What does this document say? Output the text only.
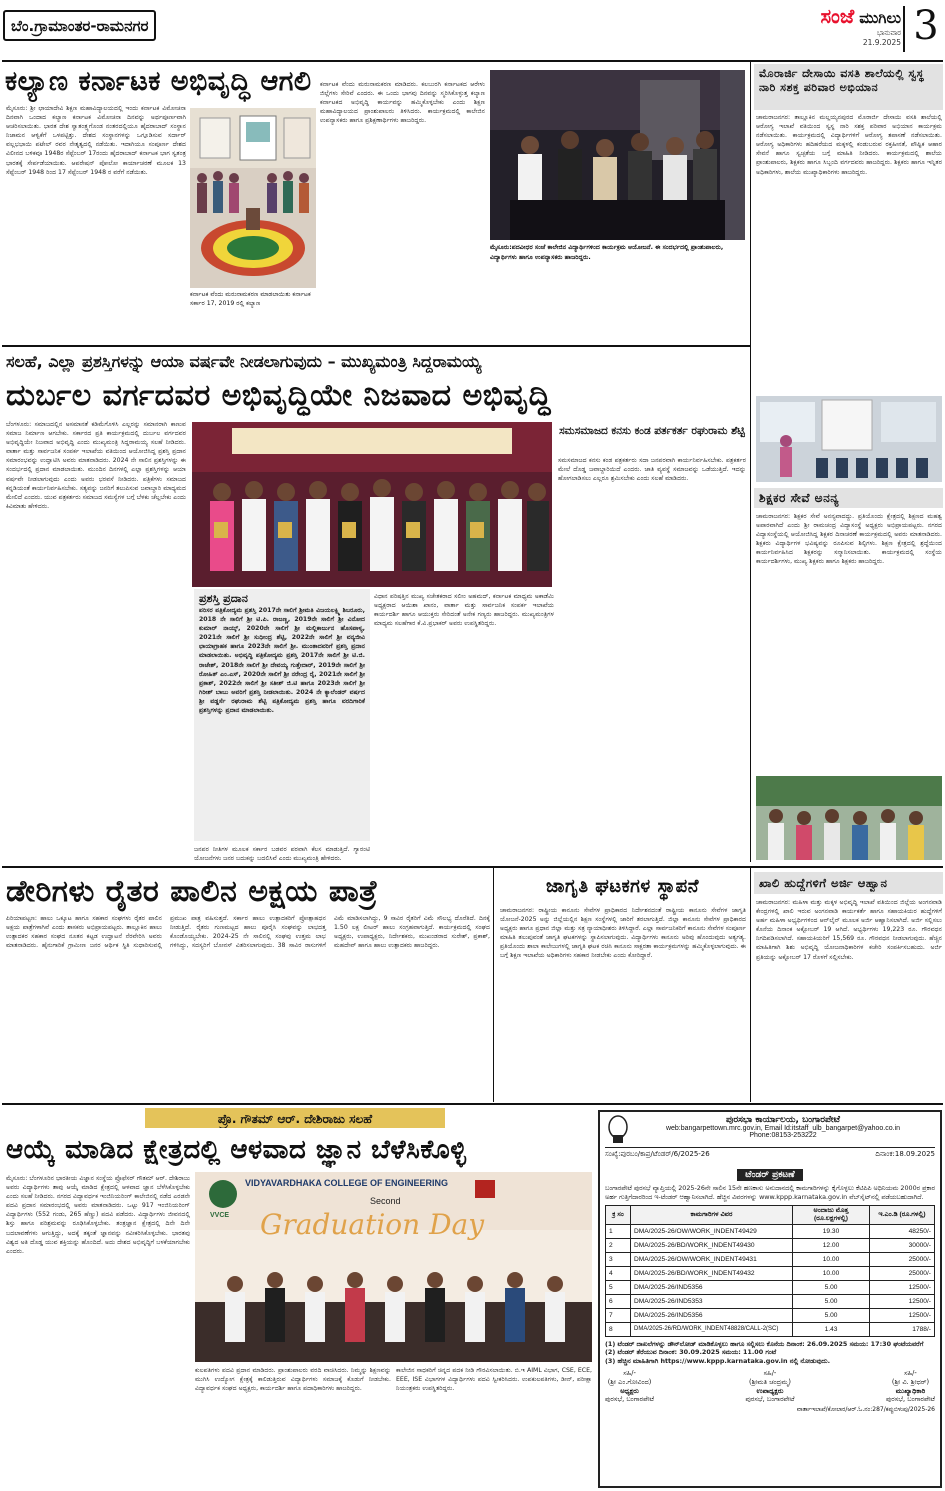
ಬೆಂ.ಗ್ರಾಮಾಂತರ-ರಾಮನಗರ	ಸಂಜೆ ಮುಗಿಲು
ಭಾನುವಾರ
21.9.2025 3
ಕಲ್ಯಾಣ ಕರ್ನಾಟಕ ಅಭಿವೃದ್ಧಿ ಆಗಲಿ
ಮೈಸೂರು: ಶ್ರೀ ಛಾಯಾದೇವಿ ಶಿಕ್ಷಣ ಮಹಾವಿದ್ಯಾಲಯದಲ್ಲಿ ಇಂದು ಕರ್ನಾಟಕ ವಿಮೋಚನಾ ದಿನವಾಗಿ ಒಂದಾದ ಕಲ್ಯಾಣ ಕರ್ನಾಟಕ ವಿಮೋಚನಾ ದಿನವನ್ನು ಅರ್ಥಪೂರ್ಣವಾಗಿ ಆಚರಿಸಲಾಯಿತು. ಭಾರತ ದೇಶ ಸ್ವಾತಂತ್ರ್ಯಗೊಂಡ ನಂತರದಲ್ಲಿಯೂ ಹೈದರಾಬಾದ್ ಸಂಸ್ಥಾನ ನಿಜಾಮನ ಆಳ್ವಿಕೆಗೆ ಒಳಪಟ್ಟಿತ್ತು. ದೇಶದ ಸಂಸ್ಥಾನಗಳನ್ನು ಒಗ್ಗೂಡಿಸುವ ಸರ್ದಾರ್ ವಲ್ಲಭಭಾಯಿ ಪಟೇಲ್ ರವರ ನೇತೃತ್ವದಲ್ಲಿ ನಡೆಯಿತು. ಇದಾಗಿಯೂ ಸಂಪೂರ್ಣ ದೇಶದ ವಿಲೀನದ ಬಳಿಕವೂ 1948ರ ಸೆಪ್ಟೆಂಬರ್ 17ರಂದು ಹೈದರಾಬಾದ್ ಕರ್ನಾಟಕ ಭಾಗ ಸ್ವತಂತ್ರ ಭಾರತಕ್ಕೆ ಸೇರ್ಪಡೆಯಾಯಿತು. ಆಪರೇಷನ್ ಪೋಲೋ ಕಾರ್ಯಾಚರಣೆ ಮೂಲಕ 13 ಸೆಪ್ಟೆಂಬರ್ 1948 ರಿಂದ 17 ಸೆಪ್ಟೆಂಬರ್ 1948 ರ ವರೆಗೆ ನಡೆಯಿತು.
ಕರ್ನಾಟಕ ವೆಂದು ಮರುನಾಮಕರಣ ಮಾಡಲಾಯಿತು ಕರ್ನಾಟಕ ಸರ್ಕಾರ 17, 2019 ರಲ್ಲಿ ಕಲ್ಯಾಣ
ಕರ್ನಾಟಕ ವೆಂದು ಮರುನಾಮಕರಣ ಮಾಡಿದರು. ಕಲಬುರಗಿ ಕರ್ನಾಟಕದ ಆರೇಳು ಜಿಲ್ಲೆಗಳು ಸೇರಿವೆ ಎಂದರು. ಈ ಒಂದು ಭಾಗವು ದಿನವನ್ನು ಸ್ಮರಿಸಿಕೊಳ್ಳುತ್ತ ಕಲ್ಯಾಣ ಕರ್ನಾಟಕದ ಅಭಿವೃದ್ಧಿ ಕಾರ್ಯವನ್ನು ಹಮ್ಮಿಕೊಳ್ಳಬೇಕು ಎಂದು ಶಿಕ್ಷಣ ಮಹಾವಿದ್ಯಾಲಯದ ಪ್ರಾಂಶುಪಾಲರು ತಿಳಿಸಿದರು. ಕಾರ್ಯಕ್ರಮದಲ್ಲಿ ಕಾಲೇಜಿನ ಉಪನ್ಯಾಸಕರು ಹಾಗೂ ಪ್ರಶಿಕ್ಷಣಾರ್ಥಿಗಳು ಹಾಜರಿದ್ದರು.
ಮೈಸೂರು:ಪದವೀಧರ ಸಂಜೆ ಕಾಲೇಜಿನ ವಿದ್ಯಾರ್ಥಿಗಳಿಂದ ಕಾರ್ಯಕ್ರಮ ಆಯೋಜನೆ. ಈ ಸಂದರ್ಭದಲ್ಲಿ ಪ್ರಾಂಶುಪಾಲರು, ವಿದ್ಯಾರ್ಥಿಗಳು ಹಾಗೂ ಉಪನ್ಯಾಸಕರು ಹಾಜರಿದ್ದರು.
ಮೊರಾರ್ಜಿ ದೇಸಾಯಿ ವಸತಿ ಶಾಲೆಯಲ್ಲಿ ಸ್ವಸ್ಥ ನಾರಿ ಸಶಕ್ತ ಪರಿವಾರ ಅಭಿಯಾನ
ಚಾಮರಾಜನಗರ: ತಾಲ್ಲೂಕಿನ ಮಲ್ಲಯ್ಯನಪುರದ ಮೊರಾರ್ಜಿ ದೇಸಾಯಿ ವಸತಿ ಶಾಲೆಯಲ್ಲಿ ಆರೋಗ್ಯ ಇಲಾಖೆ ವತಿಯಿಂದ ಸ್ವಸ್ಥ ನಾರಿ ಸಶಕ್ತ ಪರಿವಾರ ಅಭಿಯಾನ ಕಾರ್ಯಕ್ರಮ ನಡೆಸಲಾಯಿತು. ಕಾರ್ಯಕ್ರಮದಲ್ಲಿ ವಿದ್ಯಾರ್ಥಿಗಳಿಗೆ ಆರೋಗ್ಯ ತಪಾಸಣೆ ನಡೆಸಲಾಯಿತು. ಆರೋಗ್ಯ ಅಧಿಕಾರಿಗಳು ಹದಿಹರೆಯದ ಮಕ್ಕಳಲ್ಲಿ ಕಂಡುಬರುವ ರಕ್ತಹೀನತೆ, ಪೌಷ್ಟಿಕ ಆಹಾರ ಸೇವನೆ ಹಾಗೂ ಸ್ವಚ್ಛತೆಯ ಬಗ್ಗೆ ಮಾಹಿತಿ ನೀಡಿದರು. ಕಾರ್ಯಕ್ರಮದಲ್ಲಿ ಶಾಲೆಯ ಪ್ರಾಂಶುಪಾಲರು, ಶಿಕ್ಷಕರು ಹಾಗೂ ಸಿಬ್ಬಂದಿ ವರ್ಗದವರು ಹಾಜರಿದ್ದರು. ಶಿಕ್ಷಕರು ಹಾಗೂ ಇನ್ನಿತರ ಅಧಿಕಾರಿಗಳು, ಶಾಲೆಯ ಮುಖ್ಯಾಧಿಕಾರಿಗಳು ಹಾಜರಿದ್ದರು.
ಶಿಕ್ಷಕರ ಸೇವೆ ಅನನ್ಯ
ಚಾಮರಾಜನಗರ: ಶಿಕ್ಷಕರ ಸೇವೆ ಅನನ್ಯವಾದದ್ದು. ಪ್ರತಿಯೊಂದು ಕ್ಷೇತ್ರದಲ್ಲಿ ಶಿಕ್ಷಣದ ಮಹತ್ವ ಅಪಾರವಾಗಿದೆ ಎಂದು ಶ್ರೀ ರಾಮಚಂದ್ರ ವಿದ್ಯಾಸಂಸ್ಥೆ ಅಧ್ಯಕ್ಷರು ಅಭಿಪ್ರಾಯಪಟ್ಟರು. ನಗರದ ವಿದ್ಯಾಸಂಸ್ಥೆಯಲ್ಲಿ ಆಯೋಜಿಸಿದ್ದ ಶಿಕ್ಷಕರ ದಿನಾಚರಣೆ ಕಾರ್ಯಕ್ರಮದಲ್ಲಿ ಅವರು ಮಾತನಾಡಿದರು. ಶಿಕ್ಷಕರು ವಿದ್ಯಾರ್ಥಿಗಳ ಭವಿಷ್ಯವನ್ನು ರೂಪಿಸುವ ಶಿಲ್ಪಿಗಳು. ಶಿಕ್ಷಣ ಕ್ಷೇತ್ರದಲ್ಲಿ ಶ್ರದ್ಧೆಯಿಂದ ಕಾರ್ಯನಿರ್ವಹಿಸಿದ ಶಿಕ್ಷಕರನ್ನು ಸನ್ಮಾನಿಸಲಾಯಿತು. ಕಾರ್ಯಕ್ರಮದಲ್ಲಿ ಸಂಸ್ಥೆಯ ಕಾರ್ಯದರ್ಶಿಗಳು, ಮುಖ್ಯ ಶಿಕ್ಷಕರು ಹಾಗೂ ಶಿಕ್ಷಕರು ಹಾಜರಿದ್ದರು.
ಸಲಹೆ, ಎಲ್ಲಾ ಪ್ರಶಸ್ತಿಗಳನ್ನು ಆಯಾ ವರ್ಷವೇ ನೀಡಲಾಗುವುದು – ಮುಖ್ಯಮಂತ್ರಿ ಸಿದ್ದರಾಮಯ್ಯ
ದುರ್ಬಲ ವರ್ಗದವರ ಅಭಿವೃದ್ಧಿಯೇ ನಿಜವಾದ ಅಭಿವೃದ್ಧಿ
ಬೆಂಗಳೂರು: ಸಮಾಜದಲ್ಲಿನ ಅಸಮಾನತೆ ಕಡಿಮೆಗೊಳಿಸಿ ಎಲ್ಲರನ್ನು ಸಮಾನರಾಗಿ ಕಾಣುವ ಸಮಾಜ ನಿರ್ಮಾಣ ಆಗಬೇಕು. ಸರ್ಕಾರದ ಪ್ರತಿ ಕಾರ್ಯಕ್ರಮದಲ್ಲಿ ದುರ್ಬಲ ವರ್ಗದವರ ಅಭಿವೃದ್ಧಿಯೇ ನಿಜವಾದ ಅಭಿವೃದ್ಧಿ ಎಂದು ಮುಖ್ಯಮಂತ್ರಿ ಸಿದ್ದರಾಮಯ್ಯ ಸಲಹೆ ನೀಡಿದರು. ವಾರ್ತಾ ಮತ್ತು ಸಾರ್ವಜನಿಕ ಸಂಪರ್ಕ ಇಲಾಖೆಯ ವತಿಯಿಂದ ಆಯೋಜಿಸಿದ್ದ ಪ್ರಶಸ್ತಿ ಪ್ರದಾನ ಸಮಾರಂಭವನ್ನು ಉದ್ಘಾಟಿಸಿ ಅವರು ಮಾತನಾಡಿದರು. 2024 ನೇ ಸಾಲಿನ ಪ್ರಶಸ್ತಿಗಳನ್ನು ಈ ಸಂದರ್ಭದಲ್ಲಿ ಪ್ರದಾನ ಮಾಡಲಾಯಿತು. ಮುಂದಿನ ದಿನಗಳಲ್ಲಿ ಎಲ್ಲಾ ಪ್ರಶಸ್ತಿಗಳನ್ನು ಆಯಾ ವರ್ಷವೇ ನೀಡಲಾಗುವುದು ಎಂದು ಅವರು ಭರವಸೆ ನೀಡಿದರು. ಪತ್ರಿಕೆಗಳು ಸಮಾಜದ ಕನ್ನಡಿಯಂತೆ ಕಾರ್ಯನಿರ್ವಹಿಸಬೇಕು. ಸತ್ಯವನ್ನು ಜನರಿಗೆ ತಲುಪಿಸುವ ಜವಾಬ್ದಾರಿ ಮಾಧ್ಯಮದ ಮೇಲಿದೆ ಎಂದರು. ಯುವ ಪತ್ರಕರ್ತರು ಸಮಾಜದ ಸಮಸ್ಯೆಗಳ ಬಗ್ಗೆ ಬೆಳಕು ಚೆಲ್ಲಬೇಕು ಎಂದು ಕಿವಿಮಾತು ಹೇಳಿದರು.
ಪ್ರಶಸ್ತಿ ಪ್ರದಾನ
ಪರಿಸರ ಪತ್ರಿಕೋದ್ಯಮ ಪ್ರಶಸ್ತಿ 2017ನೇ ಸಾಲಿಗೆ ಶ್ರೀಮತಿ ವಿಜಯಲಕ್ಷ್ಮಿ ಶಿಬರೂರು, 2018 ನೇ ಸಾಲಿಗೆ ಶ್ರೀ ಟಿ.ಪಿ. ರಾಜಣ್ಣ, 2019ನೇ ಸಾಲಿಗೆ ಶ್ರೀ ವಿನೋದ ಕುಮಾರ್ ನಾಯ್ಕ್, 2020ನೇ ಸಾಲಿಗೆ ಶ್ರೀ ಮಲ್ಲಿಕಾರ್ಜುನ ಹೊಸಪಾಳ್ಯ, 2021ನೇ ಸಾಲಿಗೆ ಶ್ರೀ ಸುಧೀಂದ್ರ ಶೆಟ್ಟಿ, 2022ನೇ ಸಾಲಿಗೆ ಶ್ರೀ ವನ್ಯಜೀವಿ ಛಾಯಾಗ್ರಾಹಕ ಹಾಗೂ 2023ನೇ ಸಾಲಿಗೆ ಶ್ರೀ. ಮುಂತಾದವರಿಗೆ ಪ್ರಶಸ್ತಿ ಪ್ರದಾನ ಮಾಡಲಾಯಿತು. ಅಭಿವೃದ್ಧಿ ಪತ್ರಿಕೋದ್ಯಮ ಪ್ರಶಸ್ತಿ 2017ನೇ ಸಾಲಿಗೆ ಶ್ರೀ ಟಿ.ಜಿ. ರಾಜೇಶ್, 2018ನೇ ಸಾಲಿಗೆ ಶ್ರೀ ದೇವಯ್ಯ ಗುತ್ತೇದಾರ್, 2019ನೇ ಸಾಲಿಗೆ ಶ್ರೀ ರೋಹಿತ್ ಎಂ.ಎಸ್, 2020ನೇ ಸಾಲಿಗೆ ಶ್ರೀ ನರೇಂದ್ರ ರೈ, 2021ನೇ ಸಾಲಿಗೆ ಶ್ರೀ ಪ್ರಕಾಶ್, 2022ನೇ ಸಾಲಿಗೆ ಶ್ರೀ ಸತೀಶ್ ಜಿ.ಟಿ ಹಾಗೂ 2023ನೇ ಸಾಲಿಗೆ ಶ್ರೀ ಗಿರೀಶ್ ಬಾಬು ಅವರಿಗೆ ಪ್ರಶಸ್ತಿ ನೀಡಲಾಯಿತು. 2024 ನೇ ಕ್ಯಾಲೆಂಡರ್ ವರ್ಷದ ಶ್ರೀ ವಡ್ಡರ್ಸೆ ರಘುರಾಮ ಶೆಟ್ಟಿ ಪತ್ರಿಕೋದ್ಯಮ ಪ್ರಶಸ್ತಿ ಹಾಗೂ ವರದಿಗಾರಿಕೆ ಪ್ರಶಸ್ತಿಗಳನ್ನು ಪ್ರದಾನ ಮಾಡಲಾಯಿತು.
ಜನಪರ ನೀತಿಗಳ ಮೂಲಕ ಸರ್ಕಾರ ಬಡವರ ಪರವಾಗಿ ಕೆಲಸ ಮಾಡುತ್ತಿದೆ. ಗ್ಯಾರಂಟಿ ಯೋಜನೆಗಳು ಜನರ ಬದುಕನ್ನು ಬದಲಿಸಿವೆ ಎಂದು ಮುಖ್ಯಮಂತ್ರಿ ಹೇಳಿದರು.
ವಿಧಾನ ಪರಿಷತ್ತಿನ ಮುಖ್ಯ ಸಚೇತಕರಾದ ಸಲೀಂ ಅಹಮದ್, ಕರ್ನಾಟಕ ಮಾಧ್ಯಮ ಅಕಾಡೆಮಿ ಅಧ್ಯಕ್ಷರಾದ ಆಯಿಶಾ ಖಾನಂ, ವಾರ್ತಾ ಮತ್ತು ಸಾರ್ವಜನಿಕ ಸಂಪರ್ಕ ಇಲಾಖೆಯ ಕಾರ್ಯದರ್ಶಿ ಹಾಗೂ ಆಯುಕ್ತರು ಸೇರಿದಂತೆ ಅನೇಕ ಗಣ್ಯರು ಹಾಜರಿದ್ದರು. ಮುಖ್ಯಮಂತ್ರಿಗಳ ಮಾಧ್ಯಮ ಸಲಹೆಗಾರ ಕೆ.ವಿ.ಪ್ರಭಾಕರ್ ಅವರು ಉಪಸ್ಥಿತರಿದ್ದರು.
ಸಮಸಮಾಜದ ಕನಸು ಕಂಡ ಪರ್ತಕರ್ತ ರಘುರಾಮ ಶೆಟ್ಟಿ
ಸಮಸಮಾಜದ ಕನಸು ಕಂಡ ಪತ್ರಕರ್ತರು ಸದಾ ಜನಪರವಾಗಿ ಕಾರ್ಯನಿರ್ವಹಿಸಬೇಕು. ಪತ್ರಕರ್ತರ ಮೇಲೆ ದೊಡ್ಡ ಜವಾಬ್ದಾರಿಯಿದೆ ಎಂದರು. ಜಾತಿ ವ್ಯವಸ್ಥೆ ಸಮಾಜವನ್ನು ಒಡೆಯುತ್ತಿದೆ. ಇದನ್ನು ಹೋಗಲಾಡಿಸಲು ಎಲ್ಲರೂ ಶ್ರಮಿಸಬೇಕು ಎಂದು ಸಲಹೆ ಮಾಡಿದರು.
ಡೇರಿಗಳು ರೈತರ ಪಾಲಿನ ಅಕ್ಷಯ ಪಾತ್ರೆ
ಪಿರಿಯಾಪಟ್ಟಣ: ಹಾಲು ಒಕ್ಕೂಟ ಹಾಗೂ ಸಹಕಾರ ಸಂಘಗಳು ರೈತರ ಪಾಲಿನ ಅಕ್ಷಯ ಪಾತ್ರೆಗಳಾಗಿವೆ ಎಂದು ಶಾಸಕರು ಅಭಿಪ್ರಾಯಪಟ್ಟರು. ತಾಲ್ಲೂಕಿನ ಹಾಲು ಉತ್ಪಾದಕರ ಸಹಕಾರ ಸಂಘದ ನೂತನ ಕಟ್ಟಡ ಉದ್ಘಾಟನೆ ನೆರವೇರಿಸಿ ಅವರು ಮಾತನಾಡಿದರು. ಹೈನುಗಾರಿಕೆ ಗ್ರಾಮೀಣ ಜನರ ಆರ್ಥಿಕ ಸ್ಥಿತಿ ಸುಧಾರಿಸುವಲ್ಲಿ ಪ್ರಮುಖ ಪಾತ್ರ ವಹಿಸುತ್ತದೆ. ಸರ್ಕಾರ ಹಾಲು ಉತ್ಪಾದಕರಿಗೆ ಪ್ರೋತ್ಸಾಹಧನ ನೀಡುತ್ತಿದೆ. ರೈತರು ಗುಣಮಟ್ಟದ ಹಾಲು ಪೂರೈಸಿ ಸಂಘವನ್ನು ಲಾಭದತ್ತ ಕೊಂಡೊಯ್ಯಬೇಕು. 2024-25 ನೇ ಸಾಲಿನಲ್ಲಿ ಸಂಘವು ಉತ್ತಮ ಲಾಭ ಗಳಿಸಿದ್ದು, ಸದಸ್ಯರಿಗೆ ಬೋನಸ್ ವಿತರಿಸಲಾಗುವುದು. 38 ಸಾವಿರ ರಾಸುಗಳಿಗೆ ವಿಮೆ ಮಾಡಿಸಲಾಗಿದ್ದು, 9 ಸಾವಿರ ರೈತರಿಗೆ ವಿಮೆ ಸೌಲಭ್ಯ ದೊರೆತಿದೆ. ದಿನಕ್ಕೆ 1.50 ಲಕ್ಷ ಲೀಟರ್ ಹಾಲು ಸಂಗ್ರಹವಾಗುತ್ತಿದೆ. ಕಾರ್ಯಕ್ರಮದಲ್ಲಿ ಸಂಘದ ಅಧ್ಯಕ್ಷರು, ಉಪಾಧ್ಯಕ್ಷರು, ನಿರ್ದೇಶಕರು, ಮುಖಂಡರಾದ ಸುರೇಶ್, ಪ್ರಕಾಶ್, ಮಹದೇವ್ ಹಾಗೂ ಹಾಲು ಉತ್ಪಾದಕರು ಹಾಜರಿದ್ದರು.
ಜಾಗೃತಿ ಘಟಕಗಳ ಸ್ಥಾಪನೆ
ಚಾಮರಾಜನಗರ: ರಾಷ್ಟ್ರೀಯ ಕಾನೂನು ಸೇವೆಗಳ ಪ್ರಾಧಿಕಾರದ ನಿರ್ದೇಶನದಂತೆ ರಾಷ್ಟ್ರೀಯ ಕಾನೂನು ಸೇವೆಗಳ ಜಾಗೃತಿ ಯೋಜನೆ-2025 ಅನ್ನು ಜಿಲ್ಲೆಯಲ್ಲಿನ ಶಿಕ್ಷಣ ಸಂಸ್ಥೆಗಳಲ್ಲಿ ಜಾರಿಗೆ ತರಲಾಗುತ್ತಿದೆ. ಜಿಲ್ಲಾ ಕಾನೂನು ಸೇವೆಗಳ ಪ್ರಾಧಿಕಾರದ ಅಧ್ಯಕ್ಷರು ಹಾಗೂ ಪ್ರಧಾನ ಜಿಲ್ಲಾ ಮತ್ತು ಸತ್ರ ನ್ಯಾಯಾಧೀಶರು ತಿಳಿಸಿದ್ದಾರೆ. ಎಲ್ಲಾ ಸಾರ್ವಜನಿಕರಿಗೆ ಕಾನೂನು ಸೇವೆಗಳ ಸಂಪೂರ್ಣ ಮಾಹಿತಿ ತಲುಪುವಂತೆ ಜಾಗೃತಿ ಘಟಕಗಳನ್ನು ಸ್ಥಾಪಿಸಲಾಗುವುದು. ವಿದ್ಯಾರ್ಥಿಗಳು ಕಾನೂನು ಅರಿವು ಹೊಂದುವುದು ಅತ್ಯಗತ್ಯ. ಪ್ರತಿಯೊಂದು ಶಾಲಾ ಕಾಲೇಜುಗಳಲ್ಲಿ ಜಾಗೃತಿ ಘಟಕ ರಚಿಸಿ ಕಾನೂನು ಸಾಕ್ಷರತಾ ಕಾರ್ಯಕ್ರಮಗಳನ್ನು ಹಮ್ಮಿಕೊಳ್ಳಲಾಗುವುದು. ಈ ಬಗ್ಗೆ ಶಿಕ್ಷಣ ಇಲಾಖೆಯ ಅಧಿಕಾರಿಗಳು ಸಹಕಾರ ನೀಡಬೇಕು ಎಂದು ಕೋರಿದ್ದಾರೆ.
ಖಾಲಿ ಹುದ್ದೆಗಳಿಗೆ ಅರ್ಜಿ ಆಹ್ವಾನ
ಚಾಮರಾಜನಗರ: ಮಹಿಳಾ ಮತ್ತು ಮಕ್ಕಳ ಅಭಿವೃದ್ಧಿ ಇಲಾಖೆ ವತಿಯಿಂದ ಜಿಲ್ಲೆಯ ಅಂಗನವಾಡಿ ಕೇಂದ್ರಗಳಲ್ಲಿ ಖಾಲಿ ಇರುವ ಅಂಗನವಾಡಿ ಕಾರ್ಯಕರ್ತೆ ಹಾಗೂ ಸಹಾಯಕಿಯರ ಹುದ್ದೆಗಳಿಗೆ ಅರ್ಹ ಮಹಿಳಾ ಅಭ್ಯರ್ಥಿಗಳಿಂದ ಆನ್‌ಲೈನ್ ಮೂಲಕ ಅರ್ಜಿ ಆಹ್ವಾನಿಸಲಾಗಿದೆ. ಅರ್ಜಿ ಸಲ್ಲಿಸಲು ಕೊನೆಯ ದಿನಾಂಕ ಅಕ್ಟೋಬರ್ 19 ಆಗಿದೆ. ಅಭ್ಯರ್ಥಿಗಳು 19,223 ರೂ. ಗೌರವಧನ ನಿಗದಿಪಡಿಸಲಾಗಿದೆ. ಸಹಾಯಕಿಯರಿಗೆ 15,569 ರೂ. ಗೌರವಧನ ನೀಡಲಾಗುವುದು. ಹೆಚ್ಚಿನ ಮಾಹಿತಿಗಾಗಿ ಶಿಶು ಅಭಿವೃದ್ಧಿ ಯೋಜನಾಧಿಕಾರಿಗಳ ಕಚೇರಿ ಸಂಪರ್ಕಿಸಬಹುದು. ಅರ್ಜಿ ಪ್ರತಿಯನ್ನು ಅಕ್ಟೋಬರ್ 17 ರೊಳಗೆ ಸಲ್ಲಿಸಬೇಕು.
ಪ್ರೊ. ಗೌತಮ್ ಆರ್. ದೇಶಿರಾಜು ಸಲಹೆ
ಆಯ್ಕೆ ಮಾಡಿದ ಕ್ಷೇತ್ರದಲ್ಲಿ ಆಳವಾದ ಜ್ಞಾನ ಬೆಳೆಸಿಕೊಳ್ಳಿ
ಮೈಸೂರು: ಬೆಂಗಳೂರಿನ ಭಾರತೀಯ ವಿಜ್ಞಾನ ಸಂಸ್ಥೆಯ ಪ್ರೊಫೆಸರ್ ಗೌತಮ್ ಆರ್. ದೇಶಿರಾಜು ಅವರು ವಿದ್ಯಾರ್ಥಿಗಳು ತಾವು ಆಯ್ಕೆ ಮಾಡಿದ ಕ್ಷೇತ್ರದಲ್ಲಿ ಆಳವಾದ ಜ್ಞಾನ ಬೆಳೆಸಿಕೊಳ್ಳಬೇಕು ಎಂದು ಸಲಹೆ ನೀಡಿದರು. ನಗರದ ವಿದ್ಯಾವರ್ಧಕ ಇಂಜಿನಿಯರಿಂಗ್ ಕಾಲೇಜಿನಲ್ಲಿ ನಡೆದ ಎರಡನೇ ಪದವಿ ಪ್ರದಾನ ಸಮಾರಂಭದಲ್ಲಿ ಅವರು ಮಾತನಾಡಿದರು. ಒಟ್ಟು 917 ಇಂಜಿನಿಯರಿಂಗ್ ವಿದ್ಯಾರ್ಥಿಗಳು (552 ಗಂಡು, 265 ಹೆಣ್ಣು) ಪದವಿ ಪಡೆದರು. ವಿದ್ಯಾರ್ಥಿಗಳು ಜೀವನದಲ್ಲಿ ಶಿಸ್ತು ಹಾಗೂ ಪರಿಶ್ರಮವನ್ನು ರೂಢಿಸಿಕೊಳ್ಳಬೇಕು. ತಂತ್ರಜ್ಞಾನ ಕ್ಷೇತ್ರದಲ್ಲಿ ದಿನೇ ದಿನೇ ಬದಲಾವಣೆಗಳು ಆಗುತ್ತಿದ್ದು, ಅದಕ್ಕೆ ತಕ್ಕಂತೆ ಜ್ಞಾನವನ್ನು ನವೀಕರಿಸಿಕೊಳ್ಳಬೇಕು. ಭಾರತವು ವಿಶ್ವದ ಅತಿ ದೊಡ್ಡ ಯುವ ಶಕ್ತಿಯನ್ನು ಹೊಂದಿದೆ. ಅದು ದೇಶದ ಅಭಿವೃದ್ಧಿಗೆ ಬಳಕೆಯಾಗಬೇಕು ಎಂದರು.
VIDYAVARDHAKA COLLEGE OF ENGINEERING
VVCE
Second
Graduation Day
ಕುಲಪತಿಗಳು ಪದವಿ ಪ್ರದಾನ ಮಾಡಿದರು. ಪ್ರಾಂಶುಪಾಲರು ವರದಿ ವಾಚಿಸಿದರು. ನಿಮ್ಮನ್ನು ಶಿಕ್ಷಣವನ್ನು ಮುಗಿಸಿ ಉದ್ಯೋಗ ಕ್ಷೇತ್ರಕ್ಕೆ ಕಾಲಿಡುತ್ತಿರುವ ವಿದ್ಯಾರ್ಥಿಗಳು ಸಮಾಜಕ್ಕೆ ಕೊಡುಗೆ ನೀಡಬೇಕು. ವಿದ್ಯಾವರ್ಧಕ ಸಂಘದ ಅಧ್ಯಕ್ಷರು, ಕಾರ್ಯದರ್ಶಿ ಹಾಗೂ ಪದಾಧಿಕಾರಿಗಳು ಹಾಜರಿದ್ದರು.
ಕಾಲೇಜಿನ ಸಾಧಕರಿಗೆ ಚಿನ್ನದ ಪದಕ ನೀಡಿ ಗೌರವಿಸಲಾಯಿತು. ಬಿ.ಇ AIML ವಿಭಾಗ, CSE, ECE, EEE, ISE ವಿಭಾಗಗಳ ವಿದ್ಯಾರ್ಥಿಗಳು ಪದವಿ ಸ್ವೀಕರಿಸಿದರು. ಉಪಕುಲಪತಿಗಳು, ಡೀನ್, ಪರೀಕ್ಷಾ ನಿಯಂತ್ರಕರು ಉಪಸ್ಥಿತರಿದ್ದರು.
ಪುರಸಭಾ ಕಾರ್ಯಾಲಯ, ಬಂಗಾರಪೇಟೆ
web:bangarpettown.mrc.gov.in, Email Id:itstaff_ulb_bangarpet@yahoo.co.in
Phone:08153-253222
ಸಂಖ್ಯೆ:ಪುರಬಂ/ಕಾಪ್ರ/ಟೆಂಡರ್/6/2025-26	ದಿನಾಂಕ:18.09.2025
ಟೆಂಡರ್ ಪ್ರಕಟಣೆ
ಬಂಗಾರಪೇಟೆ ಪುರಸಭೆ ವ್ಯಾಪ್ತಿಯಲ್ಲಿ 2025-26ನೇ ಸಾಲಿನ 15ನೇ ಹಣಕಾಸು ಅನುದಾನದಲ್ಲಿ ಕಾಮಗಾರಿಗಳನ್ನು ಕೈಗೊಳ್ಳಲು ಕೆಟಿಪಿಪಿ ಅಧಿನಿಯಮ 2000ರ ಪ್ರಕಾರ ಅರ್ಹ ಗುತ್ತಿಗೆದಾರರಿಂದ ಇ-ಟೆಂಡರ್ ಆಹ್ವಾನಿಸಲಾಗಿದೆ. ಹೆಚ್ಚಿನ ವಿವರಗಳನ್ನು www.kppp.karnataka.gov.in ವೆಬ್‌ಸೈಟ್‌ನಲ್ಲಿ ಪಡೆಯಬಹುದಾಗಿದೆ.
ಕ್ರ ಸಂ	ಕಾಮಗಾರಿಗಳ ವಿವರ	ಅಂದಾಜು ಮೊತ್ತ (ರೂ.ಲಕ್ಷಗಳಲ್ಲಿ)	ಇ.ಎಂ.ಡಿ (ರೂ.ಗಳಲ್ಲಿ)
1	DMA/2025-26/OW/WORK_INDENT49429	19.30	48250/-
2	DMA/2025-26/BD/WORK_INDENT49430	12.00	30000/-
3	DMA/2025-26/OW/WORK_INDENT49431	10.00	25000/-
4	DMA/2025-26/BD/WORK_INDENT49432	10.00	25000/-
5	DMA/2025-26/IND5356	5.00	12500/-
6	DMA/2025-26/IND5353	5.00	12500/-
7	DMA/2025-26/IND5356	5.00	12500/-
8	DMA/2025-26/RD/WORK_INDENT48828/CALL-2(SC)	1.43	1788/-
(1) ಟೆಂಡರ್ ದಾಖಲೆಗಳನ್ನು ಡೌನ್‌ಲೋಡ್ ಮಾಡಿಕೊಳ್ಳಲು ಹಾಗೂ ಸಲ್ಲಿಸಲು ಕೊನೆಯ ದಿನಾಂಕ: 26.09.2025 ಸಮಯ: 17:30 ಘಂಟೆಯವರೆಗೆ
(2) ಟೆಂಡರ್ ತೆರೆಯುವ ದಿನಾಂಕ: 30.09.2025 ಸಮಯ: 11.00 ಗಂಟೆ
(3) ಹೆಚ್ಚಿನ ಮಾಹಿತಿಗಾಗಿ https://www.kppp.karnataka.gov.in ನಲ್ಲಿ ನೋಡುವುದು.
ಸಹಿ/-
(ಶ್ರೀ ಎಂ.ಗೋವಿಂದ)
ಅಧ್ಯಕ್ಷರು
ಪುರಸಭೆ, ಬಂಗಾರಪೇಟೆ
ಸಹಿ/-
(ಶ್ರೀಮತಿ ಚಂದ್ರಮ್ಮ)
ಉಪಾಧ್ಯಕ್ಷರು
ಪುರಸಭೆ, ಬಂಗಾರಪೇಟೆ
ಸಹಿ/-
(ಶ್ರೀ ವಿ. ಶ್ರೀಧರ್)
ಮುಖ್ಯಾಧಿಕಾರಿ
ಪುರಸಭೆ, ಬಂಗಾರಪೇಟೆ
ವಾರ್ತಾಇಲಾಖೆ/ಕೋಲಾರ/ಆರ್.ಓ.ನಂ:287/ಕಪ್ಪುಬಿಳುಪು/2025-26
